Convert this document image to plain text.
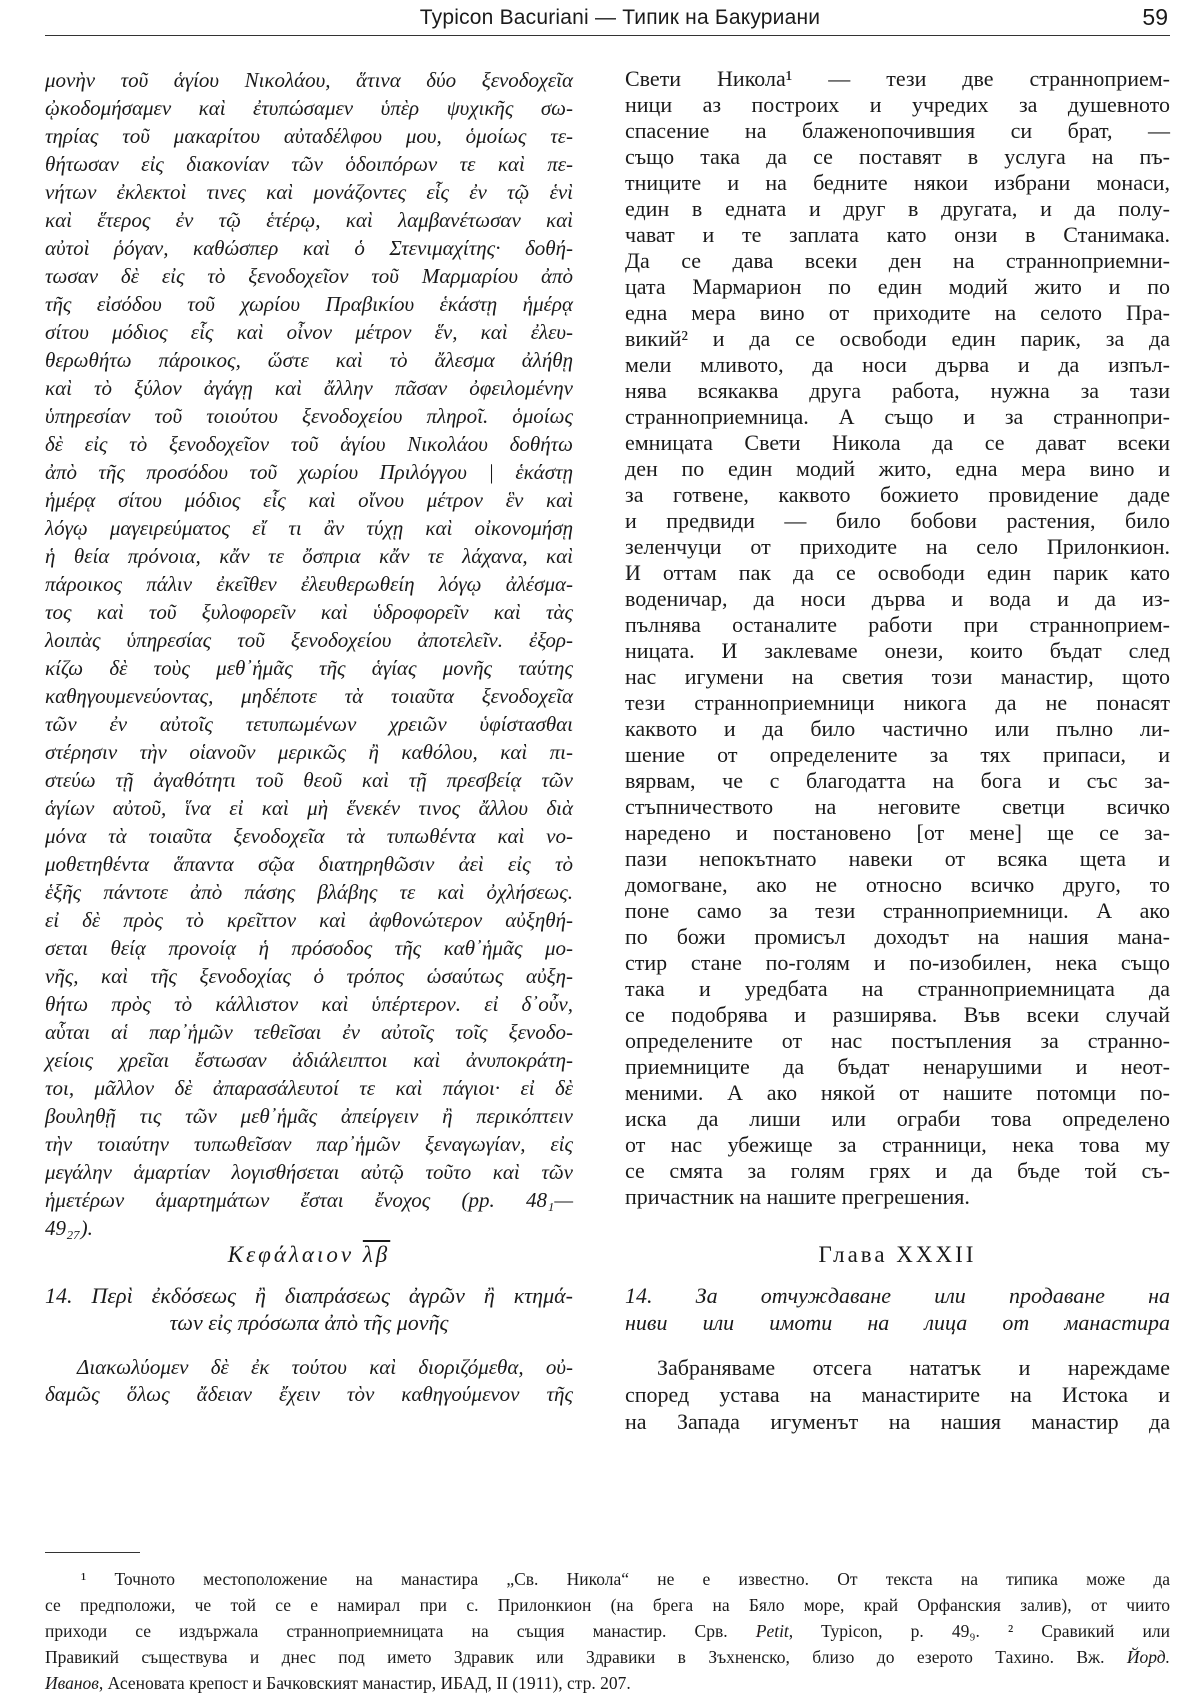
Typicon Bacuriani — Типик на Бакуриани	59
μονὴν τοῦ ἁγίου Νικολάου, ἅτινα δύο ξενοδοχεῖα
ᾠκοδομήσαμεν καὶ ἐτυπώσαμεν ὑπὲρ ψυχικῆς σω-
τηρίας τοῦ μακαρίτου αὐταδέλφου μου, ὁμοίως τε-
θήτωσαν εἰς διακονίαν τῶν ὁδοιπόρων τε καὶ πε-
νήτων ἐκλεκτοὶ τινες καὶ μονάζοντες εἷς ἐν τῷ ἑνὶ
καὶ ἕτερος ἐν τῷ ἑτέρῳ, καὶ λαμβανέτωσαν καὶ
αὐτοὶ ῥόγαν, καθώσπερ καὶ ὁ Στενιμαχίτης· δοθή-
τωσαν δὲ εἰς τὸ ξενοδοχεῖον τοῦ Μαρμαρίου ἀπὸ
τῆς εἰσόδου τοῦ χωρίου Πραβικίου ἑκάστῃ ἡμέρᾳ
σίτου μόδιος εἷς καὶ οἶνον μέτρον ἕν, καὶ ἐλευ-
θερωθήτω πάροικος, ὥστε καὶ τὸ ἄλεσμα ἀλήθῃ
καὶ τὸ ξύλον ἀγάγῃ καὶ ἄλλην πᾶσαν ὀφειλομένην
ὑπηρεσίαν τοῦ τοιούτου ξενοδοχείου πληροῖ. ὁμοίως
δὲ εἰς τὸ ξενοδοχεῖον τοῦ ἁγίου Νικολάου δοθήτω
ἀπὸ τῆς προσόδου τοῦ χωρίου Πριλόγγου | ἑκάστῃ
ἡμέρᾳ σίτου μόδιος εἷς καὶ οἴνου μέτρον ἓν καὶ
λόγῳ μαγειρεύματος εἴ τι ἂν τύχῃ καὶ οἰκονομήσῃ
ἡ θεία πρόνοια, κἄν τε ὄσπρια κἄν τε λάχανα, καὶ
πάροικος πάλιν ἐκεῖθεν ἐλευθερωθείη λόγῳ ἀλέσμα-
τος καὶ τοῦ ξυλοφορεῖν καὶ ὑδροφορεῖν καὶ τὰς
λοιπὰς ὑπηρεσίας τοῦ ξενοδοχείου ἀποτελεῖν. ἐξορ-
κίζω δὲ τοὺς μεθ᾿ἡμᾶς τῆς ἁγίας μονῆς ταύτης
καθηγουμενεύοντας, μηδέποτε τὰ τοιαῦτα ξενοδοχεῖα
τῶν ἐν αὐτοῖς τετυπωμένων χρειῶν ὑφίστασθαι
στέρησιν τὴν οἱανοῦν μερικῶς ἢ καθόλου, καὶ πι-
στεύω τῇ ἀγαθότητι τοῦ θεοῦ καὶ τῇ πρεσβείᾳ τῶν
ἁγίων αὐτοῦ, ἵνα εἰ καὶ μὴ ἕνεκέν τινος ἄλλου διὰ
μόνα τὰ τοιαῦτα ξενοδοχεῖα τὰ τυπωθέντα καὶ νο-
μοθετηθέντα ἅπαντα σῷα διατηρηθῶσιν ἀεὶ εἰς τὸ
ἑξῆς πάντοτε ἀπὸ πάσης βλάβης τε καὶ ὀχλήσεως.
εἰ δὲ πρὸς τὸ κρεῖττον καὶ ἀφθονώτερον αὐξηθή-
σεται θείᾳ προνοίᾳ ἡ πρόσοδος τῆς καθ᾿ἡμᾶς μο-
νῆς, καὶ τῆς ξενοδοχίας ὁ τρόπος ὡσαύτως αὐξη-
θήτω πρὸς τὸ κάλλιστον καὶ ὑπέρτερον. εἰ δ᾿οὖν,
αὗται αἱ παρ᾿ἡμῶν τεθεῖσαι ἐν αὐτοῖς τοῖς ξενοδο-
χείοις χρεῖαι ἔστωσαν ἀδιάλειπτοι καὶ ἀνυποκράτη-
τοι, μᾶλλον δὲ ἀπαρασάλευτοί τε καὶ πάγιοι· εἰ δὲ
βουληθῇ τις τῶν μεθ᾿ἡμᾶς ἀπείργειν ἢ περικόπτειν
τὴν τοιαύτην τυπωθεῖσαν παρ᾿ἡμῶν ξεναγωγίαν, εἰς
μεγάλην ἁμαρτίαν λογισθήσεται αὐτῷ τοῦτο καὶ τῶν
ἡμετέρων ἁμαρτημάτων ἔσται ἔνοχος (pp. 48₁—
49₂₇).
Свети Никола¹ — тези две странноприем-
ници аз построих и учредих за душевното
спасение на блаженопочившия си брат, —
също така да се поставят в услуга на пъ-
тниците и на бедните някои избрани монаси,
един в едната и друг в другата, и да полу-
чават и те заплата като онзи в Станимака.
Да се дава всеки ден на странноприемни-
цата Мармарион по един модий жито и по
една мера вино от приходите на селото Пра-
викий² и да се освободи един парик, за да
мели мливото, да носи дърва и да изпъл-
нява всякаква друга работа, нужна за тази
странноприемница. А също и за страннопри-
емницата Свети Никола да се дават всеки
ден по един модий жито, една мера вино и
за готвене, каквото божието провидение даде
и предвиди — било бобови растения, било
зеленчуци от приходите на село Прилонкион.
И оттам пак да се освободи един парик като
воденичар, да носи дърва и вода и да из-
пълнява останалите работи при странноприем-
ницата. И заклеваме онези, които бъдат след
нас игумени на светия този манастир, щото
тези странноприемници никога да не понасят
каквото и да било частично или пълно ли-
шение от определените за тях припаси, и
вярвам, че с благодатта на бога и със за-
стъпничеството на неговите светци всичко
наредено и постановено [от мене] ще се за-
пази непокътнато навеки от всяка щета и
домогване, ако не относно всичко друго, то
поне само за тези странноприемници. А ако
по божи промисъл доходът на нашия мана-
стир стане по-голям и по-изобилен, нека също
така и уредбата на странноприемницата да
се подобрява и разширява. Във всеки случай
определените от нас постъпления за странно-
приемниците да бъдат ненарушими и неот-
меними. А ако някой от нашите потомци по-
иска да лиши или ограби това определено
от нас убежище за странници, нека това му
се смята за голям грях и да бъде той съ-
причастник на нашите прегрешения.
Κεφάλαιον $\overline{\lambda\beta}$	Глава XXXII
14. Περὶ ἐκδόσεως ἢ διαπράσεως ἀγρῶν ἢ κτημά-
των εἰς πρόσωπα ἀπὸ τῆς μονῆς
14. За отчуждаване или продаване на
ниви или имоти на лица от манастира
Διακωλύομεν δὲ ἐκ τούτου καὶ διοριζόμεθα, οὐ-
δαμῶς ὅλως ἄδειαν ἔχειν τὸν καθηγούμενον τῆς
Забраняваме отсега нататък и нареждаме
според устава на манастирите на Истока и
на Запада игуменът на нашия манастир да
¹ Точното местоположение на манастира „Св. Никола“ не е известно. От текста на типика може да
се предположи, че той се е намирал при с. Прилонкион (на брега на Бяло море, край Орфанския залив), от чиито
приходи се издържала странноприемницата на същия манастир. Срв. Petit, Typicon, p. 49₉. ² Сравикий или
Правикий съществува и днес под името Здравик или Здравики в Зъхненско, близо до езерото Тахино. Вж. Йорд.
Иванов, Асеновата крепост и Бачковският манастир, ИБАД, II (1911), стр. 207.
